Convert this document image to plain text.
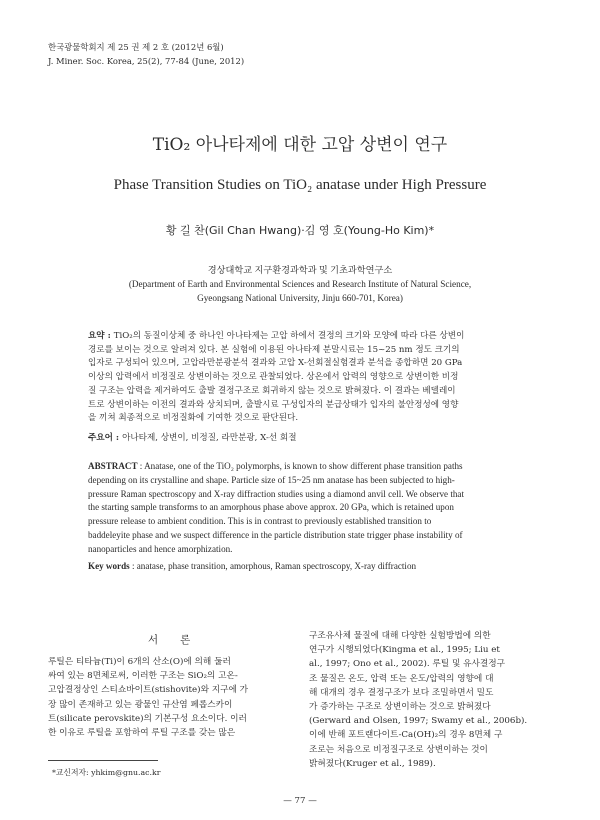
한국광물학회지 제 25 권 제 2 호 (2012년 6월)
J. Miner. Soc. Korea, 25(2), 77-84 (June, 2012)
TiO₂ 아나타제에 대한 고압 상변이 연구
Phase Transition Studies on TiO₂ anatase under High Pressure
황 길 찬(Gil Chan Hwang)·김 영 호(Young-Ho Kim)*
경상대학교 지구환경과학과 및 기초과학연구소
(Department of Earth and Environmental Sciences and Research Institute of Natural Science,
Gyeongsang National University, Jinju 660-701, Korea)
요약 : TiO₂의 동질이상체 중 하나인 아나타제는 고압 하에서 결정의 크기와 모양에 따라 다른 상변이
경로를 보이는 것으로 알려져 있다. 본 실험에 이용된 아나타제 분말시료는 15~25 nm 정도 크기의
입자로 구성되어 있으며, 고압라만분광분석 결과와 고압 X-선회절실험결과 분석을 종합하면 20 GPa
이상의 압력에서 비정질로 상변이하는 것으로 관찰되었다. 상온에서 압력의 영향으로 상변이한 비정
질 구조는 압력을 제거하여도 출발 결정구조로 회귀하지 않는 것으로 밝혀졌다. 이 결과는 베델레이
트로 상변이하는 이전의 결과와 상치되며, 출발시료 구성입자의 분급상태가 입자의 불안정성에 영향
을 끼쳐 최종적으로 비정질화에 기여한 것으로 판단된다.
주요어 : 아나타제, 상변이, 비정질, 라만분광, X-선 회절
ABSTRACT : Anatase, one of the TiO₂ polymorphs, is known to show different phase transition paths
depending on its crystalline and shape. Particle size of 15~25 nm anatase has been subjected to high-
pressure Raman spectroscopy and X-ray diffraction studies using a diamond anvil cell. We observe that
the starting sample transforms to an amorphous phase above approx. 20 GPa, which is retained upon
pressure release to ambient condition. This is in contrast to previously established transition to
baddeleyite phase and we suspect difference in the particle distribution state trigger phase instability of
nanoparticles and hence amorphization.
Key words : anatase, phase transition, amorphous, Raman spectroscopy, X-ray diffraction
서론
루틸은 티타늄(Ti)이 6개의 산소(O)에 의해 둘러
싸여 있는 8면체로써, 이러한 구조는 SiO₂의 고온-
고압결정상인 스티쇼바이트(stishovite)와 지구에 가
장 많이 존재하고 있는 광물인 규산염 페롭스카이
트(silicate perovskite)의 기본구성 요소이다. 이러
한 이유로 루틸을 포함하여 루틸 구조를 갖는 많은
구조유사체 물질에 대해 다양한 실험방법에 의한
연구가 시행되었다(Kingma et al., 1995; Liu et
al., 1997; Ono et al., 2002). 루틸 및 유사결정구
조 물질은 온도, 압력 또는 온도/압력의 영향에 대
해 대개의 경우 결정구조가 보다 조밀하면서 밀도
가 증가하는 구조로 상변이하는 것으로 밝혀졌다
(Gerward and Olsen, 1997; Swamy et al., 2006b).
이에 반해 포트랜다이트-Ca(OH)₂의 경우 8면체 구
조로는 처음으로 비정질구조로 상변이하는 것이
밝혀졌다(Kruger et al., 1989).
*교신저자: yhkim@gnu.ac.kr
— 77 —
